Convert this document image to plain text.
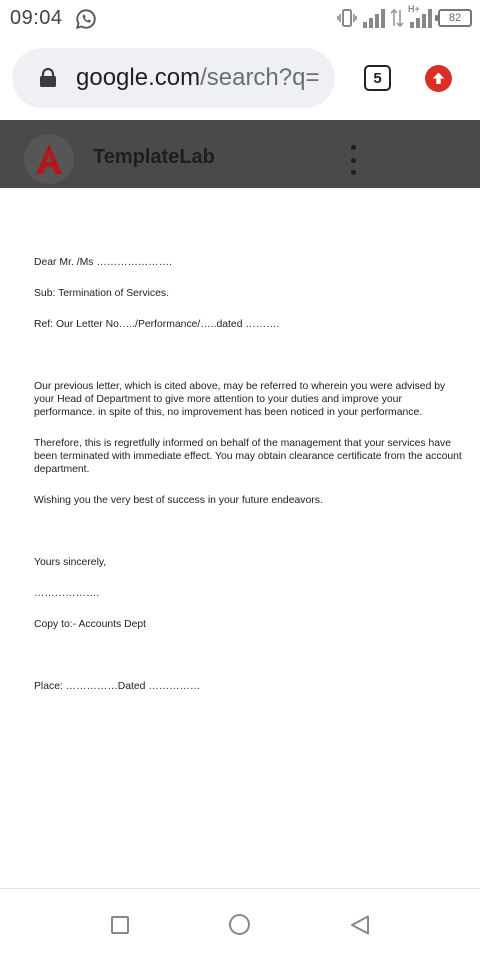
09:04	H+
82
google.com/search?q=	5
TemplateLab
Dear Mr. /Ms ………………….
Sub: Termination of Services.
Ref: Our Letter No…../Performance/…..dated ……….
Our previous letter, which is cited above, may be referred to wherein you were advised by your Head of Department to give more attention to your duties and improve your performance. in spite of this, no improvement has been noticed in your performance.
Therefore, this is regretfully informed on behalf of the management that your services have been terminated with immediate effect. You may obtain clearance certificate from the account department.
Wishing you the very best of success in your future endeavors.
Yours sincerely,
……………….
Copy to:- Accounts Dept
Place: ……………Dated ……………
